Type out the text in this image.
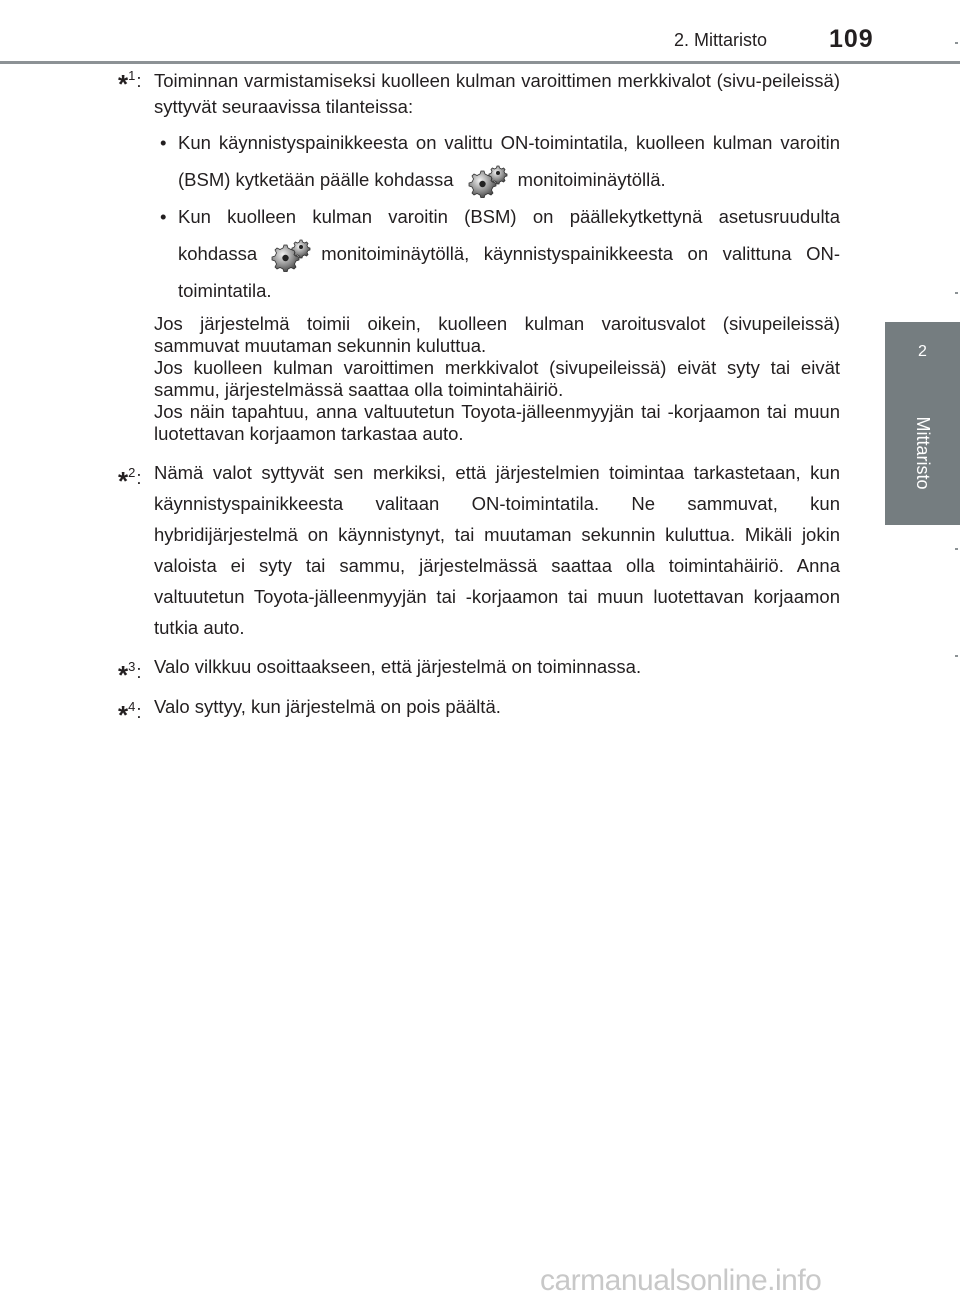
2. Mittaristo 109
2
Mittaristo
*$^1$: Toiminnan varmistamiseksi kuolleen kulman varoittimen merkkivalot (sivu-peileissä) syttyvät seuraavissa tilanteissa:

• Kun käynnistyspainikkeesta on valittu ON-toimintatila, kuolleen kulman varoitin (BSM) kytketään päälle kohdassa	monitoiminäytöllä.
• Kun kuolleen kulman varoitin (BSM) on päällekytkettynä asetusruudulta kohdassa	monitoiminäytöllä, käynnistyspainikkeesta on valittuna ON-toimintatila.

Jos järjestelmä toimii oikein, kuolleen kulman varoitusvalot (sivupeileissä) sammuvat muutaman sekunnin kuluttua.

Jos kuolleen kulman varoittimen merkkivalot (sivupeileissä) eivät syty tai eivät sammu, järjestelmässä saattaa olla toimintahäiriö.

Jos näin tapahtuu, anna valtuutetun Toyota-jälleenmyyjän tai -korjaamon tai muun luotettavan korjaamon tarkastaa auto.

*$^2$: Nämä valot syttyvät sen merkiksi, että järjestelmien toimintaa tarkastetaan, kun käynnistyspainikkeesta valitaan ON-toimintatila. Ne sammuvat, kun hybridijärjestelmä on käynnistynyt, tai muutaman sekunnin kuluttua. Mikäli jokin valoista ei syty tai sammu, järjestelmässä saattaa olla toimintahäiriö. Anna valtuutetun Toyota-jälleenmyyjän tai -korjaamon tai muun luotettavan korjaamon tutkia auto.
*$^3$: Valo vilkkuu osoittaakseen, että järjestelmä on toiminnassa.
*$^4$: Valo syttyy, kun järjestelmä on pois päältä.
carmanualsonline.info
